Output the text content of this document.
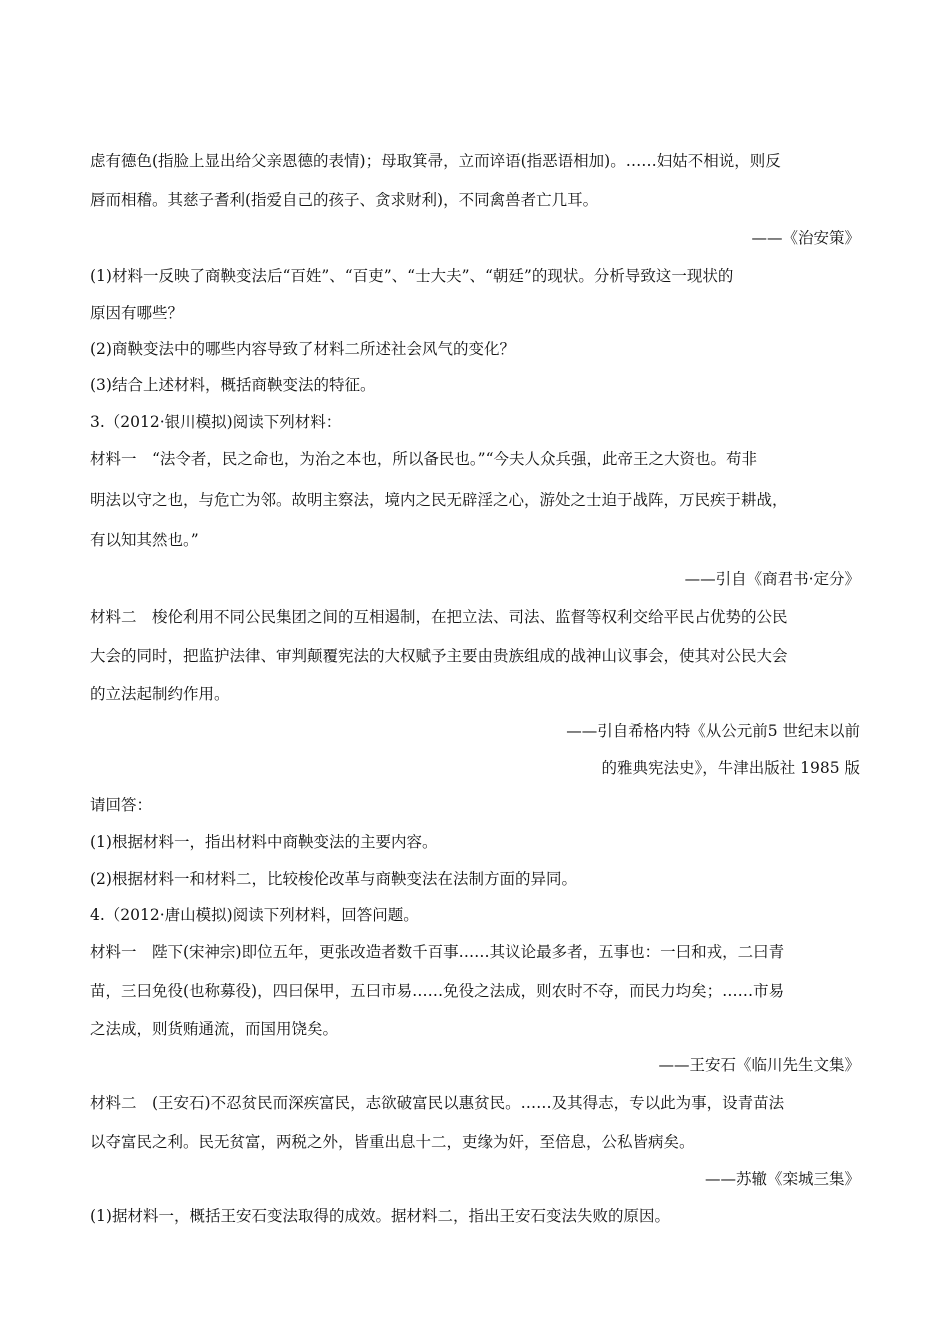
虑有德色(指脸上显出给父亲恩德的表情)；母取箕帚，立而谇语(指恶语相加)。……妇姑不相说，则反
唇而相稽。其慈子耆利(指爱自己的孩子、贪求财利)，不同禽兽者亡几耳。
——《治安策》
(1)材料一反映了商鞅变法后“百姓”、“百吏”、“士大夫”、“朝廷”的现状。分析导致这一现状的
原因有哪些？
(2)商鞅变法中的哪些内容导致了材料二所述社会风气的变化？
(3)结合上述材料，概括商鞅变法的特征。
3.（2012·银川模拟)阅读下列材料：
材料一　“法令者，民之命也，为治之本也，所以备民也。”“今夫人众兵强，此帝王之大资也。苟非
明法以守之也，与危亡为邻。故明主察法，境内之民无辟淫之心，游处之士迫于战阵，万民疾于耕战，
有以知其然也。”
——引自《商君书·定分》
材料二　梭伦利用不同公民集团之间的互相遏制，在把立法、司法、监督等权利交给平民占优势的公民
大会的同时，把监护法律、审判颠覆宪法的大权赋予主要由贵族组成的战神山议事会，使其对公民大会
的立法起制约作用。
——引自希格内特《从公元前5 世纪末以前
的雅典宪法史》，牛津出版社 1985 版
请回答：
(1)根据材料一，指出材料中商鞅变法的主要内容。
(2)根据材料一和材料二，比较梭伦改革与商鞅变法在法制方面的异同。
4.（2012·唐山模拟)阅读下列材料，回答问题。
材料一　陛下(宋神宗)即位五年，更张改造者数千百事……其议论最多者，五事也：一曰和戎，二曰青
苗，三曰免役(也称募役)，四曰保甲，五曰市易……免役之法成，则农时不夺，而民力均矣；……市易
之法成，则货贿通流，而国用饶矣。
——王安石《临川先生文集》
材料二　(王安石)不忍贫民而深疾富民，志欲破富民以惠贫民。……及其得志，专以此为事，设青苗法
以夺富民之利。民无贫富，两税之外，皆重出息十二，吏缘为奸，至倍息，公私皆病矣。
——苏辙《栾城三集》
(1)据材料一，概括王安石变法取得的成效。据材料二，指出王安石变法失败的原因。
